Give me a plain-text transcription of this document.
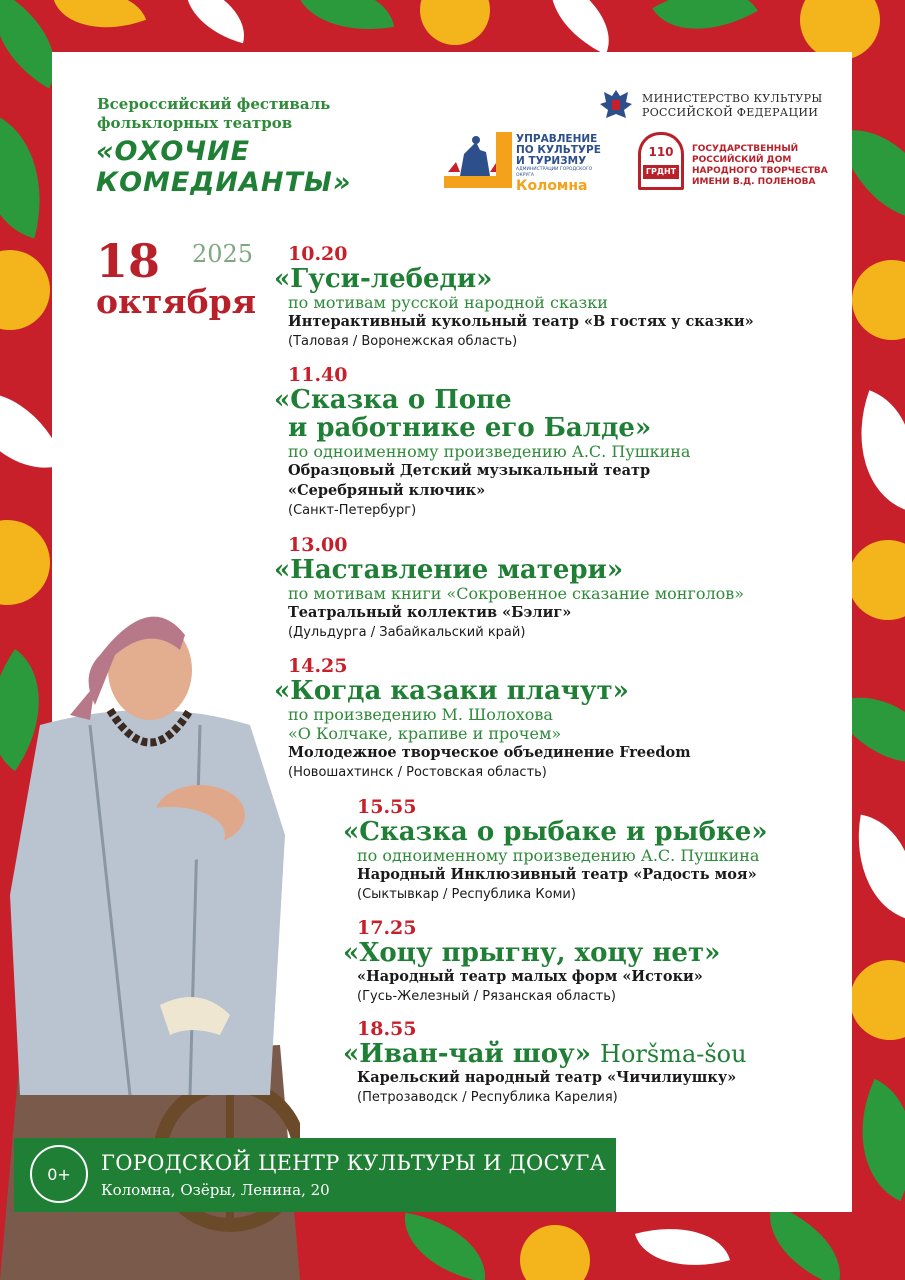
Всероссийский фестиваль
фольклорных театров
«ОХОЧИЕ
КОМЕДИАНТЫ»
УПРАВЛЕНИЕ
ПО КУЛЬТУРЕ
И ТУРИЗМУ
АДМИНИСТРАЦИИ ГОРОДСКОГО ОКРУГА
Коломна
МИНИСТЕРСТВО КУЛЬТУРЫ
РОССИЙСКОЙ ФЕДЕРАЦИИ
110
ГРДНТ
ГОСУДАРСТВЕННЫЙ
РОССИЙСКИЙ ДОМ
НАРОДНОГО ТВОРЧЕСТВА
ИМЕНИ В.Д. ПОЛЕНОВА
18
октября
2025 10.20
«Гуси-лебеди»
по мотивам русской народной сказки
Интерактивный кукольный театр «В гостях у сказки»
(Таловая / Воронежская область)
11.40
«Сказка о Попе
и работнике его Балде»
по одноименному произведению А.С. Пушкина
Образцовый Детский музыкальный театр
«Серебряный ключик»
(Санкт-Петербург)
13.00
«Наставление матери»
по мотивам книги «Сокровенное сказание монголов»
Театральный коллектив «Бэлиг»
(Дульдурга / Забайкальский край)
14.25
«Когда казаки плачут»
по произведению М. Шолохова
«О Колчаке, крапиве и прочем»
Молодежное творческое объединение Freedom
(Новошахтинск / Ростовская область)
15.55
«Сказка о рыбаке и рыбке»
по одноименному произведению А.С. Пушкина
Народный Инклюзивный театр «Радость моя»
(Сыктывкар / Республика Коми)
17.25
«Хоцу прыгну, хоцу нет»
«Народный театр малых форм «Истоки»
(Гусь-Железный / Рязанская область)
18.55
«Иван-чай шоу» Horšma-šou
Карельский народный театр «Чичилиушку»
(Петрозаводск / Республика Карелия)
0+	ГОРОДСКОЙ ЦЕНТР КУЛЬТУРЫ И ДОСУГА
Коломна, Озёры, Ленина, 20
